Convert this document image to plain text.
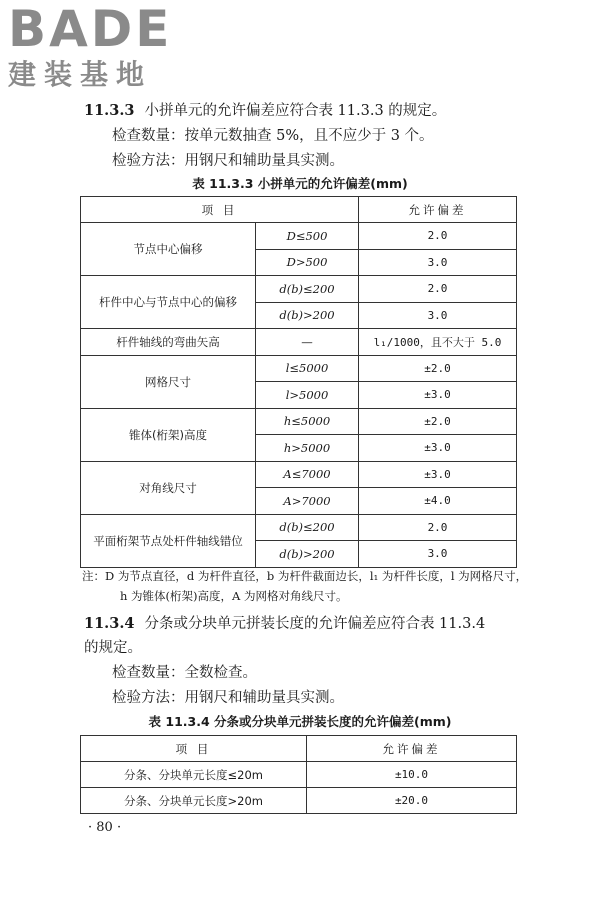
BADE
建装基地
11.3.3 小拼单元的允许偏差应符合表 11.3.3 的规定。
检查数量：按单元数抽查 5%，且不应少于 3 个。
检验方法：用钢尺和辅助量具实测。
表 11.3.3 小拼单元的允许偏差(mm)
项 目		允许偏差
节点中心偏移	D≤500	2.0
	D>500	3.0
杆件中心与节点中心的偏移	d(b)≤200	2.0
	d(b)>200	3.0
杆件轴线的弯曲矢高	—	l₁/1000，且不大于 5.0
网格尺寸	l≤5000	±2.0
	l>5000	±3.0
锥体(桁架)高度	h≤5000	±2.0
	h>5000	±3.0
对角线尺寸	A≤7000	±3.0
	A>7000	±4.0
平面桁架节点处杆件轴线错位	d(b)≤200	2.0
	d(b)>200	3.0
注：D 为节点直径，d 为杆件直径，b 为杆件截面边长，l₁ 为杆件长度，l 为网格尺寸，
h 为锥体(桁架)高度，A 为网格对角线尺寸。
11.3.4 分条或分块单元拼装长度的允许偏差应符合表 11.3.4
的规定。
检查数量：全数检查。
检验方法：用钢尺和辅助量具实测。
表 11.3.4 分条或分块单元拼装长度的允许偏差(mm)
项 目	允许偏差
分条、分块单元长度≤20m	±10.0
分条、分块单元长度>20m	±20.0
· 80 ·
